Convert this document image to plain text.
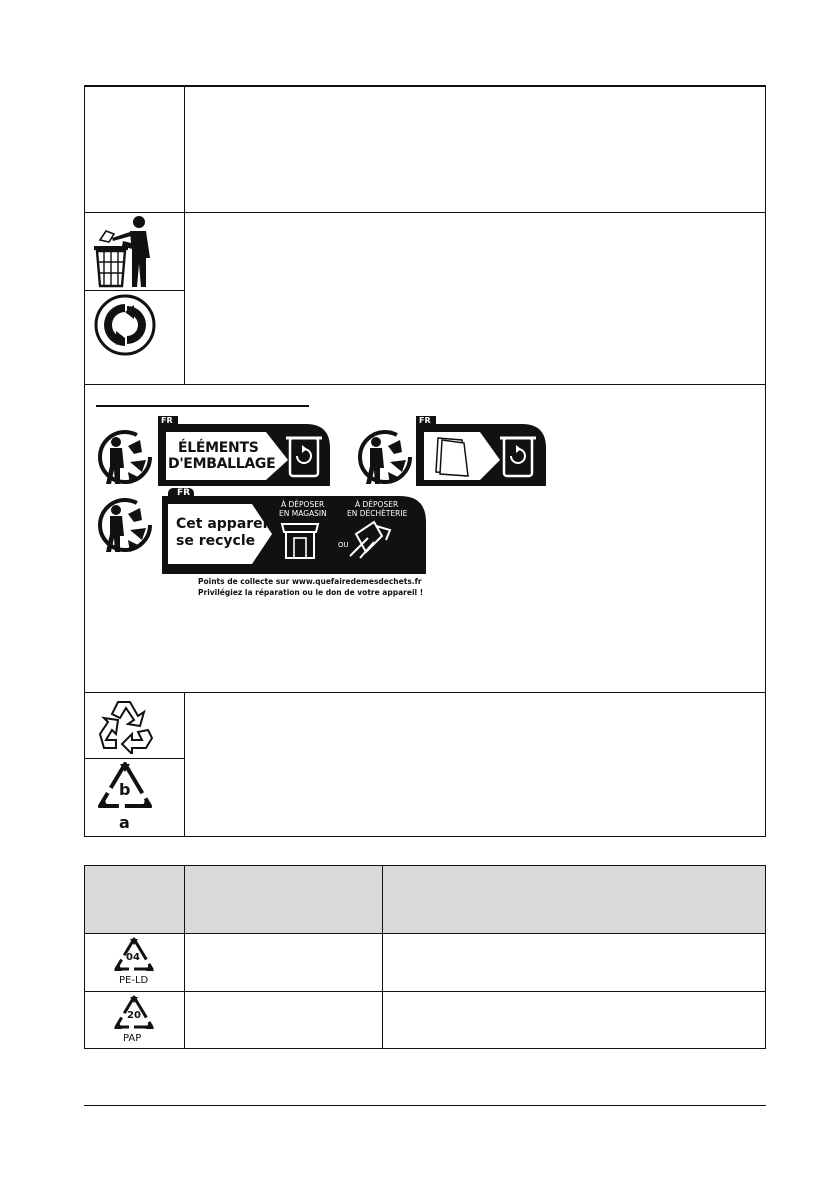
FR
ÉLÉMENTS
D'EMBALLAGE
FR
FR
Cet appareil
se recycle
À DÉPOSER
EN MAGASIN
OU
À DÉPOSER
EN DÉCHÈTERIE
Points de collecte sur www.quefairedemesdechets.fr
Privilégiez la réparation ou le don de votre appareil !
b
a
04
PE-LD
20
PAP
